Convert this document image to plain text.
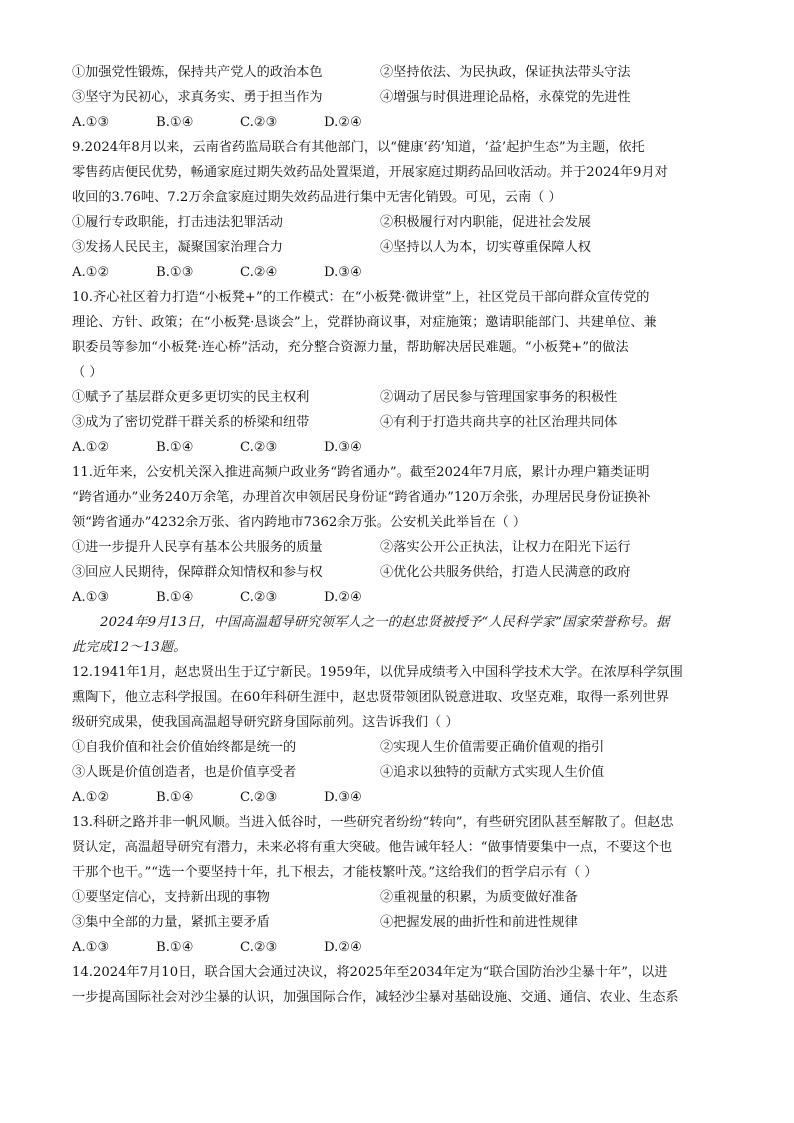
①加强党性锻炼，保持共产党人的政治本色	②坚持依法、为民执政，保证执法带头守法
③坚守为民初心，求真务实、勇于担当作为	④增强与时俱进理论品格，永葆党的先进性
A.①③	B.①④	C.②③	D.②④
9.2024年8月以来，云南省药监局联合有其他部门，以“健康‘药’知道，‘益’起护生态”为主题，依托
零售药店便民优势，畅通家庭过期失效药品处置渠道，开展家庭过期药品回收活动。并于2024年9月对
收回的3.76吨、7.2万余盒家庭过期失效药品进行集中无害化销毁。可见，云南（ ）
①履行专政职能，打击违法犯罪活动	②积极履行对内职能，促进社会发展
③发扬人民民主，凝聚国家治理合力	④坚持以人为本，切实尊重保障人权
A.①②	B.①③	C.②④	D.③④
10.齐心社区着力打造“小板凳+”的工作模式：在“小板凳·微讲堂”上，社区党员干部向群众宣传党的
理论、方针、政策；在“小板凳·恳谈会”上，党群协商议事，对症施策；邀请职能部门、共建单位、兼
职委员等参加“小板凳·连心桥”活动，充分整合资源力量，帮助解决居民难题。“小板凳+”的做法
（ ）
①赋予了基层群众更多更切实的民主权利	②调动了居民参与管理国家事务的积极性
③成为了密切党群干群关系的桥梁和纽带	④有利于打造共商共享的社区治理共同体
A.①②	B.①④	C.②③	D.③④
11.近年来，公安机关深入推进高频户政业务“跨省通办”。截至2024年7月底，累计办理户籍类证明
“跨省通办”业务240万余笔，办理首次申领居民身份证“跨省通办”120万余张，办理居民身份证换补
领“跨省通办”4232余万张、省内跨地市7362余万张。公安机关此举旨在（ ）
①进一步提升人民享有基本公共服务的质量	②落实公开公正执法，让权力在阳光下运行
③回应人民期待，保障群众知情权和参与权	④优化公共服务供给，打造人民满意的政府
A.①③	B.①④	C.②③	D.②④
2024年9月13日，中国高温超导研究领军人之一的赵忠贤被授予“人民科学家”国家荣誉称号。据
此完成12～13题。
12.1941年1月，赵忠贤出生于辽宁新民。1959年，以优异成绩考入中国科学技术大学。在浓厚科学氛围
熏陶下，他立志科学报国。在60年科研生涯中，赵忠贤带领团队锐意进取、攻坚克难，取得一系列世界
级研究成果，使我国高温超导研究跻身国际前列。这告诉我们（ ）
①自我价值和社会价值始终都是统一的	②实现人生价值需要正确价值观的指引
③人既是价值创造者，也是价值享受者	④追求以独特的贡献方式实现人生价值
A.①②	B.①④	C.②③	D.③④
13.科研之路并非一帆风顺。当进入低谷时，一些研究者纷纷“转向”，有些研究团队甚至解散了。但赵忠
贤认定，高温超导研究有潜力，未来必将有重大突破。他告诫年轻人：“做事情要集中一点，不要这个也
干那个也干。”“选一个要坚持十年，扎下根去，才能枝繁叶茂。”这给我们的哲学启示有（ ）
①要坚定信心，支持新出现的事物	②重视量的积累，为质变做好准备
③集中全部的力量，紧抓主要矛盾	④把握发展的曲折性和前进性规律
A.①③	B.①④	C.②③	D.②④
14.2024年7月10日，联合国大会通过决议，将2025年至2034年定为“联合国防治沙尘暴十年”，以进
一步提高国际社会对沙尘暴的认识，加强国际合作，减轻沙尘暴对基础设施、交通、通信、农业、生态系
